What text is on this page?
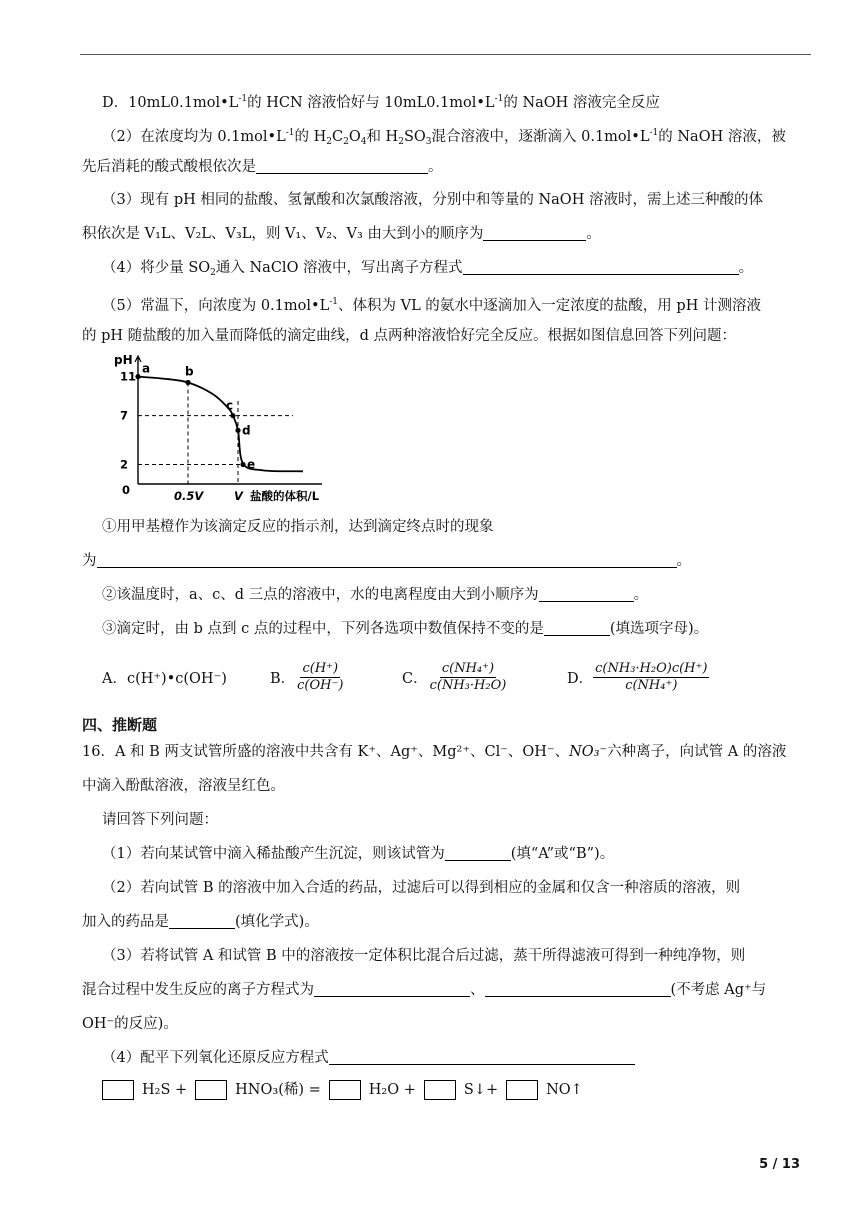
D．$10mL0.1mol•L^{-1}$的 HCN 溶液恰好与 $10mL0.1mol•L^{-1}$的 NaOH 溶液完全反应
（2）在浓度均为 $0.1mol•L^{-1}$的 $H_2C_2O_4$和 $H_2SO_3$混合溶液中，逐渐滴入 $0.1mol•L^{-1}$的 NaOH 溶液，被
先后消耗的酸式酸根依次是	。
（3）现有 pH 相同的盐酸、氢氰酸和次氯酸溶液，分别中和等量的 NaOH 溶液时，需上述三种酸的体
积依次是 V₁L、V₂L、V₃L，则 V₁、V₂、V₃ 由大到小的顺序为	。
（4）将少量 $SO_2$通入 NaClO 溶液中，写出离子方程式	。
（5）常温下，向浓度为 $0.1mol•L^{-1}$、体积为 VL 的氨水中逐滴加入一定浓度的盐酸，用 pH 计测溶液
的 pH 随盐酸的加入量而降低的滴定曲线，d 点两种溶液恰好完全反应。根据如图信息回答下列问题：
pH
11
7
2
0	0.5V	V 盐酸的体积/L
a	b
c
d
e
①用甲基橙作为该滴定反应的指示剂，达到滴定终点时的现象
为	。
②该温度时，a、c、d 三点的溶液中，水的电离程度由大到小顺序为	。
③滴定时，由 b 点到 c 点的过程中，下列各选项中数值保持不变的是	(填选项字母)。
A．c(H⁺)•c(OH⁻)	B． $\frac{c(H^+)}{c(OH^-)}$	C． $\frac{\text{c(NH₄⁺)}}{\text{c(NH₃·H₂O)}}$	D． $\frac{\text{c(NH₃·H₂O)c(H⁺)}}{\text{c(NH₄⁺)}}$
四、推断题
16．A 和 B 两支试管所盛的溶液中共含有 K⁺、Ag⁺、Mg²⁺、Cl⁻、OH⁻、NO₃⁻六种离子，向试管 A 的溶液
中滴入酚酞溶液，溶液呈红色。
请回答下列问题：
（1）若向某试管中滴入稀盐酸产生沉淀，则该试管为	(填“A”或“B”)。
（2）若向试管 B 的溶液中加入合适的药品，过滤后可以得到相应的金属和仅含一种溶质的溶液，则
加入的药品是	(填化学式)。
（3）若将试管 A 和试管 B 中的溶液按一定体积比混合后过滤，蒸干所得滤液可得到一种纯净物，则
混合过程中发生反应的离子方程式为	、	(不考虑 Ag⁺与
OH⁻的反应)。
（4）配平下列氧化还原反应方程式
H₂S +	HNO₃(稀) =	H₂O +	S↓+	NO↑
5 / 13
